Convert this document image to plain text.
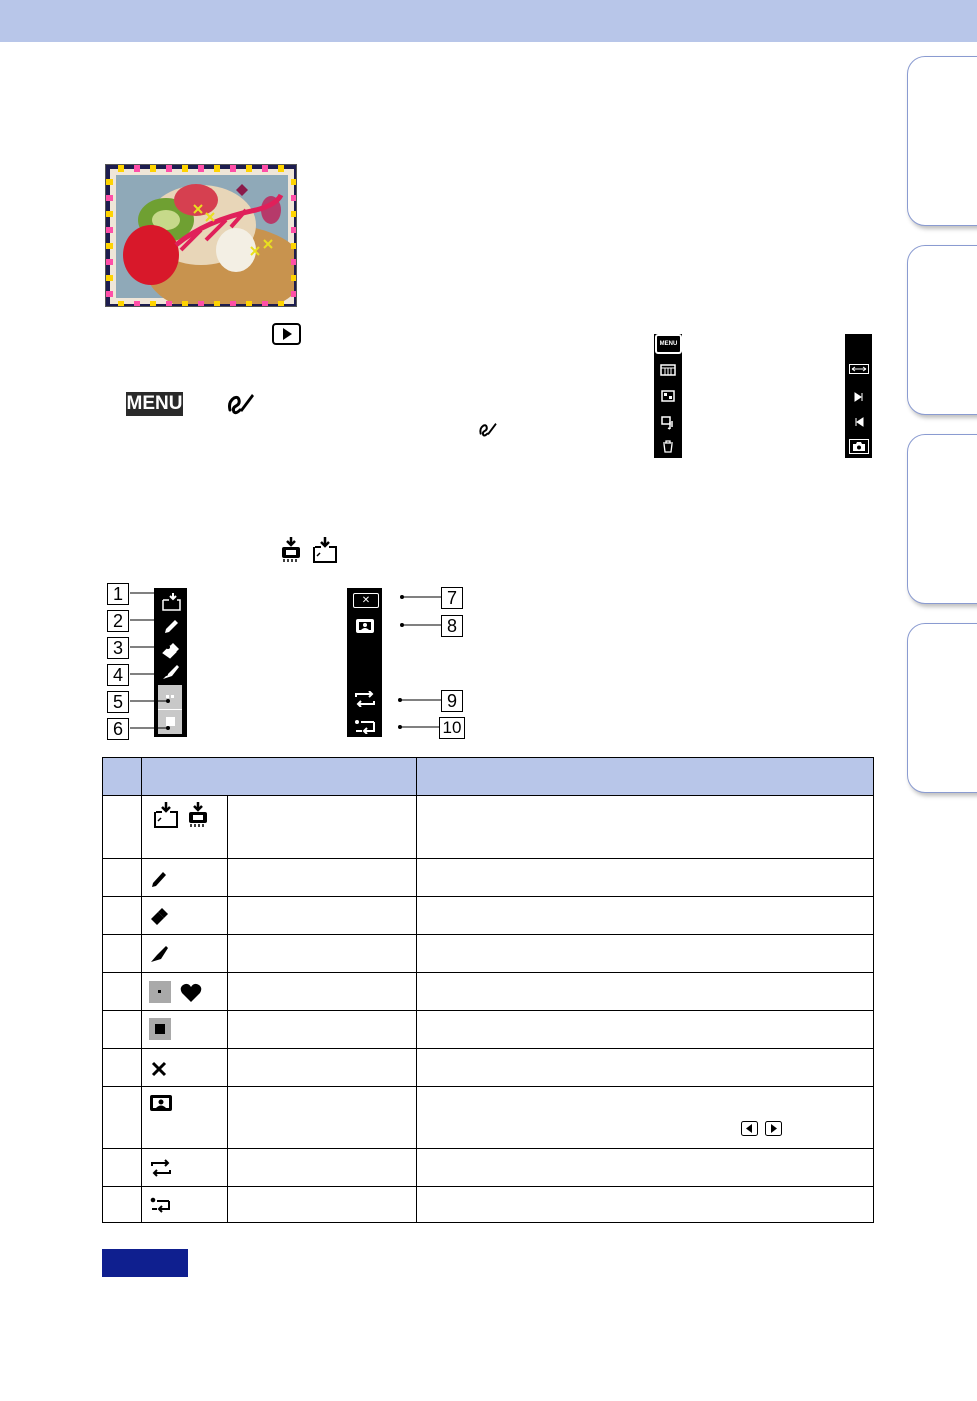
MENU
MENU
✕
1
2
3
4
5
6
7
8
9
10
